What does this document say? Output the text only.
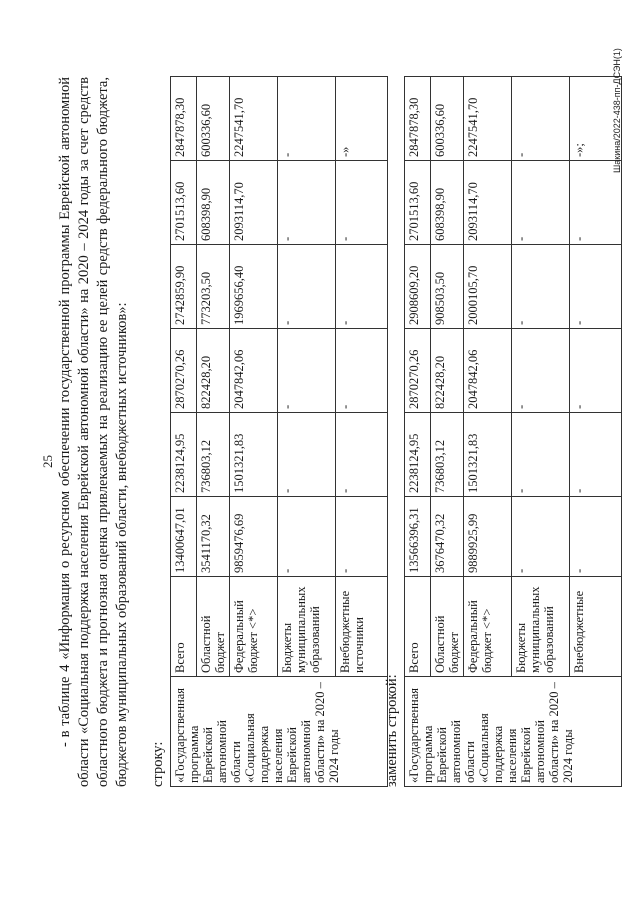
25 - в таблице 4 «Информация о ресурсном обеспечении государственной программы Еврейской автономной области «Социальная поддержка населения Еврейской автономной области» на 2020 – 2024 годы за счет средств областного бюджета и прогнозная оценка привлекаемых на реализацию ее целей средств федерального бюджета, бюджетов муниципальных образований области, внебюджетных источников»: строку: «Государственная программа Еврейской автономной области «Социальная поддержка населения Еврейской автономной области» на 2020 – 2024 годы	Всего	13400647,01	2238124,95	2870270,26	2742859,90	2701513,60	2847878,30
	Областной бюджет	3541170,32	736803,12	822428,20	773203,50	608398,90	600336,60
	Федеральный бюджет <*>	9859476,69	1501321,83	2047842,06	1969656,40	2093114,70	2247541,70
	Бюджеты муниципальных образований	-	-	-	-	-	-
	Внебюджетные источники	-	-	-	-	-	-»
заменить строкой: «Государственная программа Еврейской автономной области «Социальная поддержка населения Еврейской автономной области» на 2020 – 2024 годы	Всего	13566396,31	2238124,95	2870270,26	2908609,20	2701513,60	2847878,30
	Областной бюджет	3676470,32	736803,12	822428,20	908503,50	608398,90	600336,60
	Федеральный бюджет <*>	9889925,99	1501321,83	2047842,06	2000105,70	2093114,70	2247541,70
	Бюджеты муниципальных образований	-	-	-	-	-	-
	Внебюджетные	-	-	-	-	-	-»;	Шакина/2022-438-пп-ДСЭН(1)
